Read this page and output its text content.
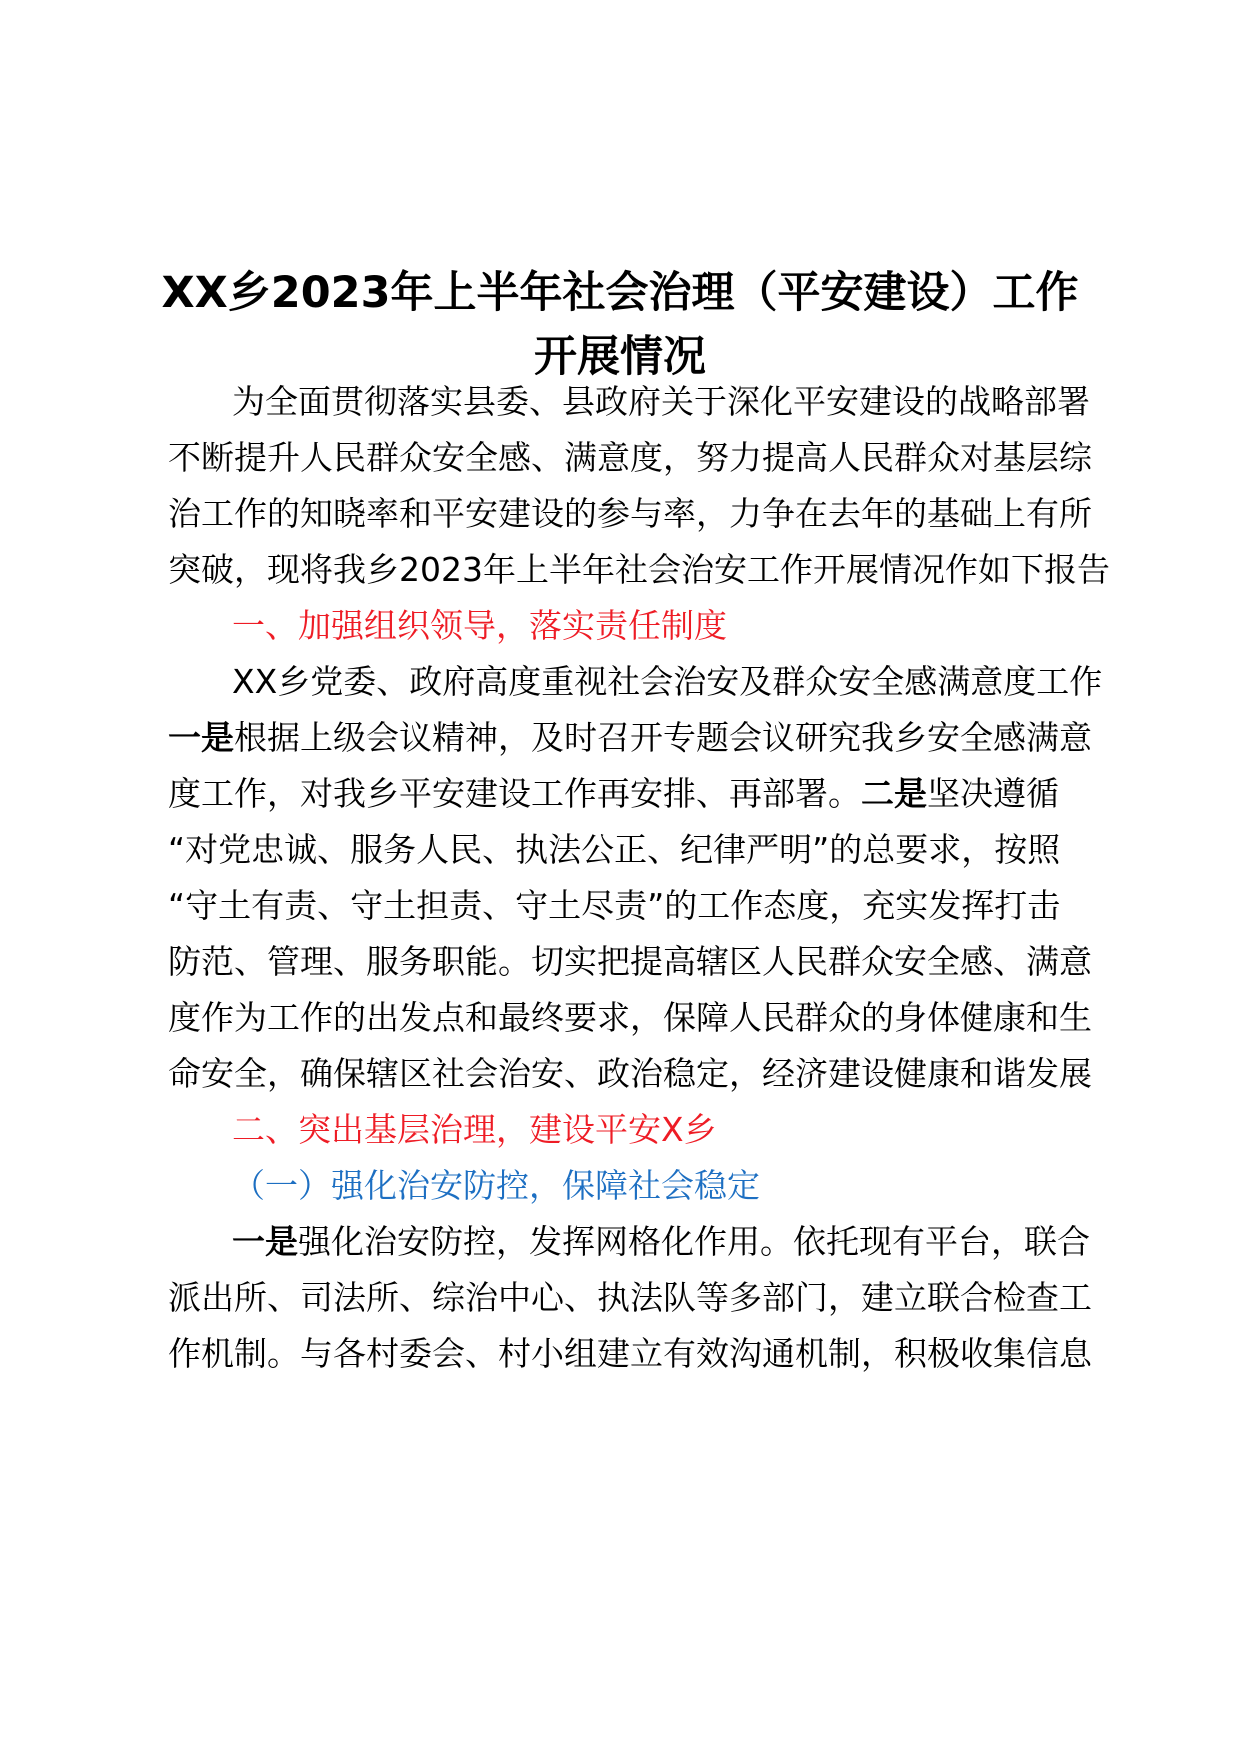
XX乡2023年上半年社会治理（平安建设）工作
开展情况
为全面贯彻落实县委、县政府关于深化平安建设的战略部署
不断提升人民群众安全感、满意度，努力提高人民群众对基层综
治工作的知晓率和平安建设的参与率，力争在去年的基础上有所
突破，现将我乡2023年上半年社会治安工作开展情况作如下报告
一、加强组织领导，落实责任制度
XX乡党委、政府高度重视社会治安及群众安全感满意度工作
一是根据上级会议精神，及时召开专题会议研究我乡安全感满意
度工作，对我乡平安建设工作再安排、再部署。二是坚决遵循
“对党忠诚、服务人民、执法公正、纪律严明”的总要求，按照
“守土有责、守土担责、守土尽责”的工作态度，充实发挥打击
防范、管理、服务职能。切实把提高辖区人民群众安全感、满意
度作为工作的出发点和最终要求，保障人民群众的身体健康和生
命安全，确保辖区社会治安、政治稳定，经济建设健康和谐发展
二、突出基层治理，建设平安X乡
（一）强化治安防控，保障社会稳定
一是强化治安防控，发挥网格化作用。依托现有平台，联合
派出所、司法所、综治中心、执法队等多部门，建立联合检查工
作机制。与各村委会、村小组建立有效沟通机制，积极收集信息
